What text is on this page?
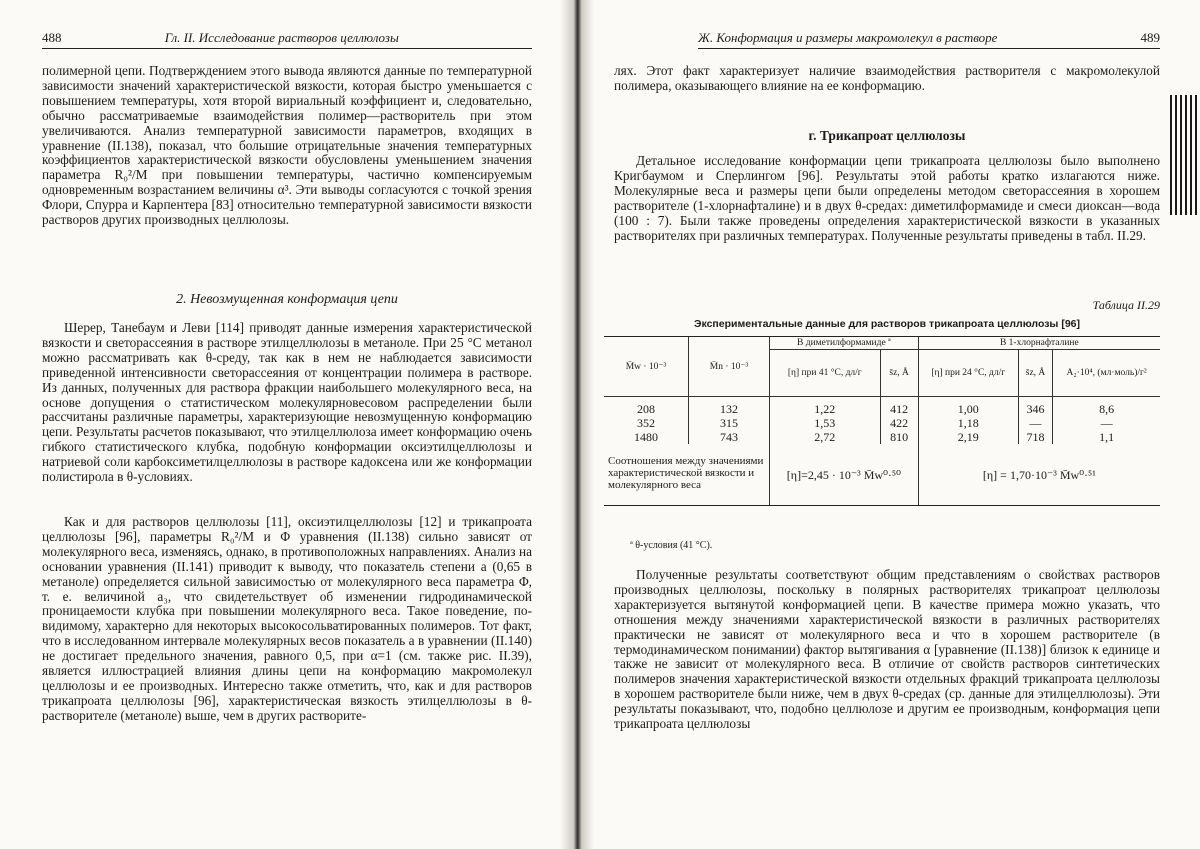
488	Гл. II. Исследование растворов целлюлозы

полимерной цепи. Подтверждением этого вывода являются данные по температурной зависимости значений характеристической вязкости, которая быстро уменьшается с повышением температуры, хотя второй вириальный коэффициент и, следовательно, обычно рассматриваемые взаимодействия полимер—растворитель при этом увеличиваются. Анализ температурной зависимости параметров, входящих в уравнение (II.138), показал, что большие отрицательные значения температурных коэффициентов характеристической вязкости обусловлены уменьшением значения параметра R₀²/M при повышении температуры, частично компенсируемым одновременным возрастанием величины α³. Эти выводы согласуются с точкой зрения Флори, Спурра и Карпентера [83] относительно температурной зависимости вязкости растворов других производных целлюлозы.

2. Невозмущенная конформация цепи

Шерер, Танебаум и Леви [114] приводят данные измерения характеристической вязкости и светорассеяния в растворе этилцеллюлозы в метаноле. При 25 °C метанол можно рассматривать как θ-среду, так как в нем не наблюдается зависимости приведенной интенсивности светорассеяния от концентрации полимера в растворе. Из данных, полученных для раствора фракции наибольшего молекулярного веса, на основе допущения о статистическом молекулярновесовом распределении были рассчитаны различные параметры, характеризующие невозмущенную конформацию цепи. Результаты расчетов показывают, что этилцеллюлоза имеет конформацию очень гибкого статистического клубка, подобную конформации оксиэтилцеллюлозы и натриевой соли карбоксиметилцеллюлозы в растворе кадоксена или же конформации полистирола в θ-условиях.

Как и для растворов целлюлозы [11], оксиэтилцеллюлозы [12] и трикапроата целлюлозы [96], параметры R₀²/M и Φ уравнения (II.138) сильно зависят от молекулярного веса, изменяясь, однако, в противоположных направлениях. Анализ на основании уравнения (II.141) приводит к выводу, что показатель степени a (0,65 в метаноле) определяется сильной зависимостью от молекулярного веса параметра Φ, т. е. величиной a₃, что свидетельствует об изменении гидродинамической проницаемости клубка при повышении молекулярного веса. Такое поведение, по-видимому, характерно для некоторых высокосольватированных полимеров. Тот факт, что в исследованном интервале молекулярных весов показатель a в уравнении (II.140) не достигает предельного значения, равного 0,5, при α=1 (см. также рис. II.39), является иллюстрацией влияния длины цепи на конформацию макромолекул целлюлозы и ее производных. Интересно также отметить, что, как и для растворов трикапроата целлюлозы [96], характеристическая вязкость этилцеллюлозы в θ-растворителе (метаноле) выше, чем в других растворите-

Ж. Конформация и размеры макромолекул в растворе	489

лях. Этот факт характеризует наличие взаимодействия растворителя с макромолекулой полимера, оказывающего влияние на ее конформацию.

г. Трикапроат целлюлозы

Детальное исследование конформации цепи трикапроата целлюлозы было выполнено Кригбаумом и Сперлингом [96]. Результаты этой работы кратко излагаются ниже. Молекулярные веса и размеры цепи были определены методом светорассеяния в хорошем растворителе (1-хлорнафталине) и в двух θ-средах: диметилформамиде и смеси диоксан—вода (100 : 7). Были также проведены определения характеристической вязкости в указанных растворителях при различных температурах. Полученные результаты приведены в табл. II.29.

Таблица II.29
Экспериментальные данные для растворов трикапроата целлюлозы [96]
M̄w · 10⁻³	M̄n · 10⁻³	В диметилформамиде ª		В 1-хлорнафталине		
		[η] при 41 °C, дл/г	s̄z, Å	[η] при 24 °C, дл/г	s̄z, Å	A₂·10⁴, (мл·моль)/г²
208	132	1,22	412	1,00	346	8,6
352	315	1,53	422	1,18	—	—
1480	743	2,72	810	2,19	718	1,1
Соотношения между значениями характеристической вязкости и молекулярного веса		[η]=2,45 · 10⁻³ M̄w⁰·⁵⁰		[η] = 1,70·10⁻³ M̄w⁰·⁵¹		
ª θ-условия (41 °C).

Полученные результаты соответствуют общим представлениям о свойствах растворов производных целлюлозы, поскольку в полярных растворителях трикапроат целлюлозы характеризуется вытянутой конформацией цепи. В качестве примера можно указать, что отношения между значениями характеристической вязкости в различных растворителях практически не зависят от молекулярного веса и что в хорошем растворителе (в термодинамическом понимании) фактор вытягивания α [уравнение (II.138)] близок к единице и также не зависит от молекулярного веса. В отличие от свойств растворов синтетических полимеров значения характеристической вязкости отдельных фракций трикапроата целлюлозы в хорошем растворителе были ниже, чем в двух θ-средах (ср. данные для этилцеллюлозы). Эти результаты показывают, что, подобно целлюлозе и другим ее производным, конформация цепи трикапроата целлюлозы
